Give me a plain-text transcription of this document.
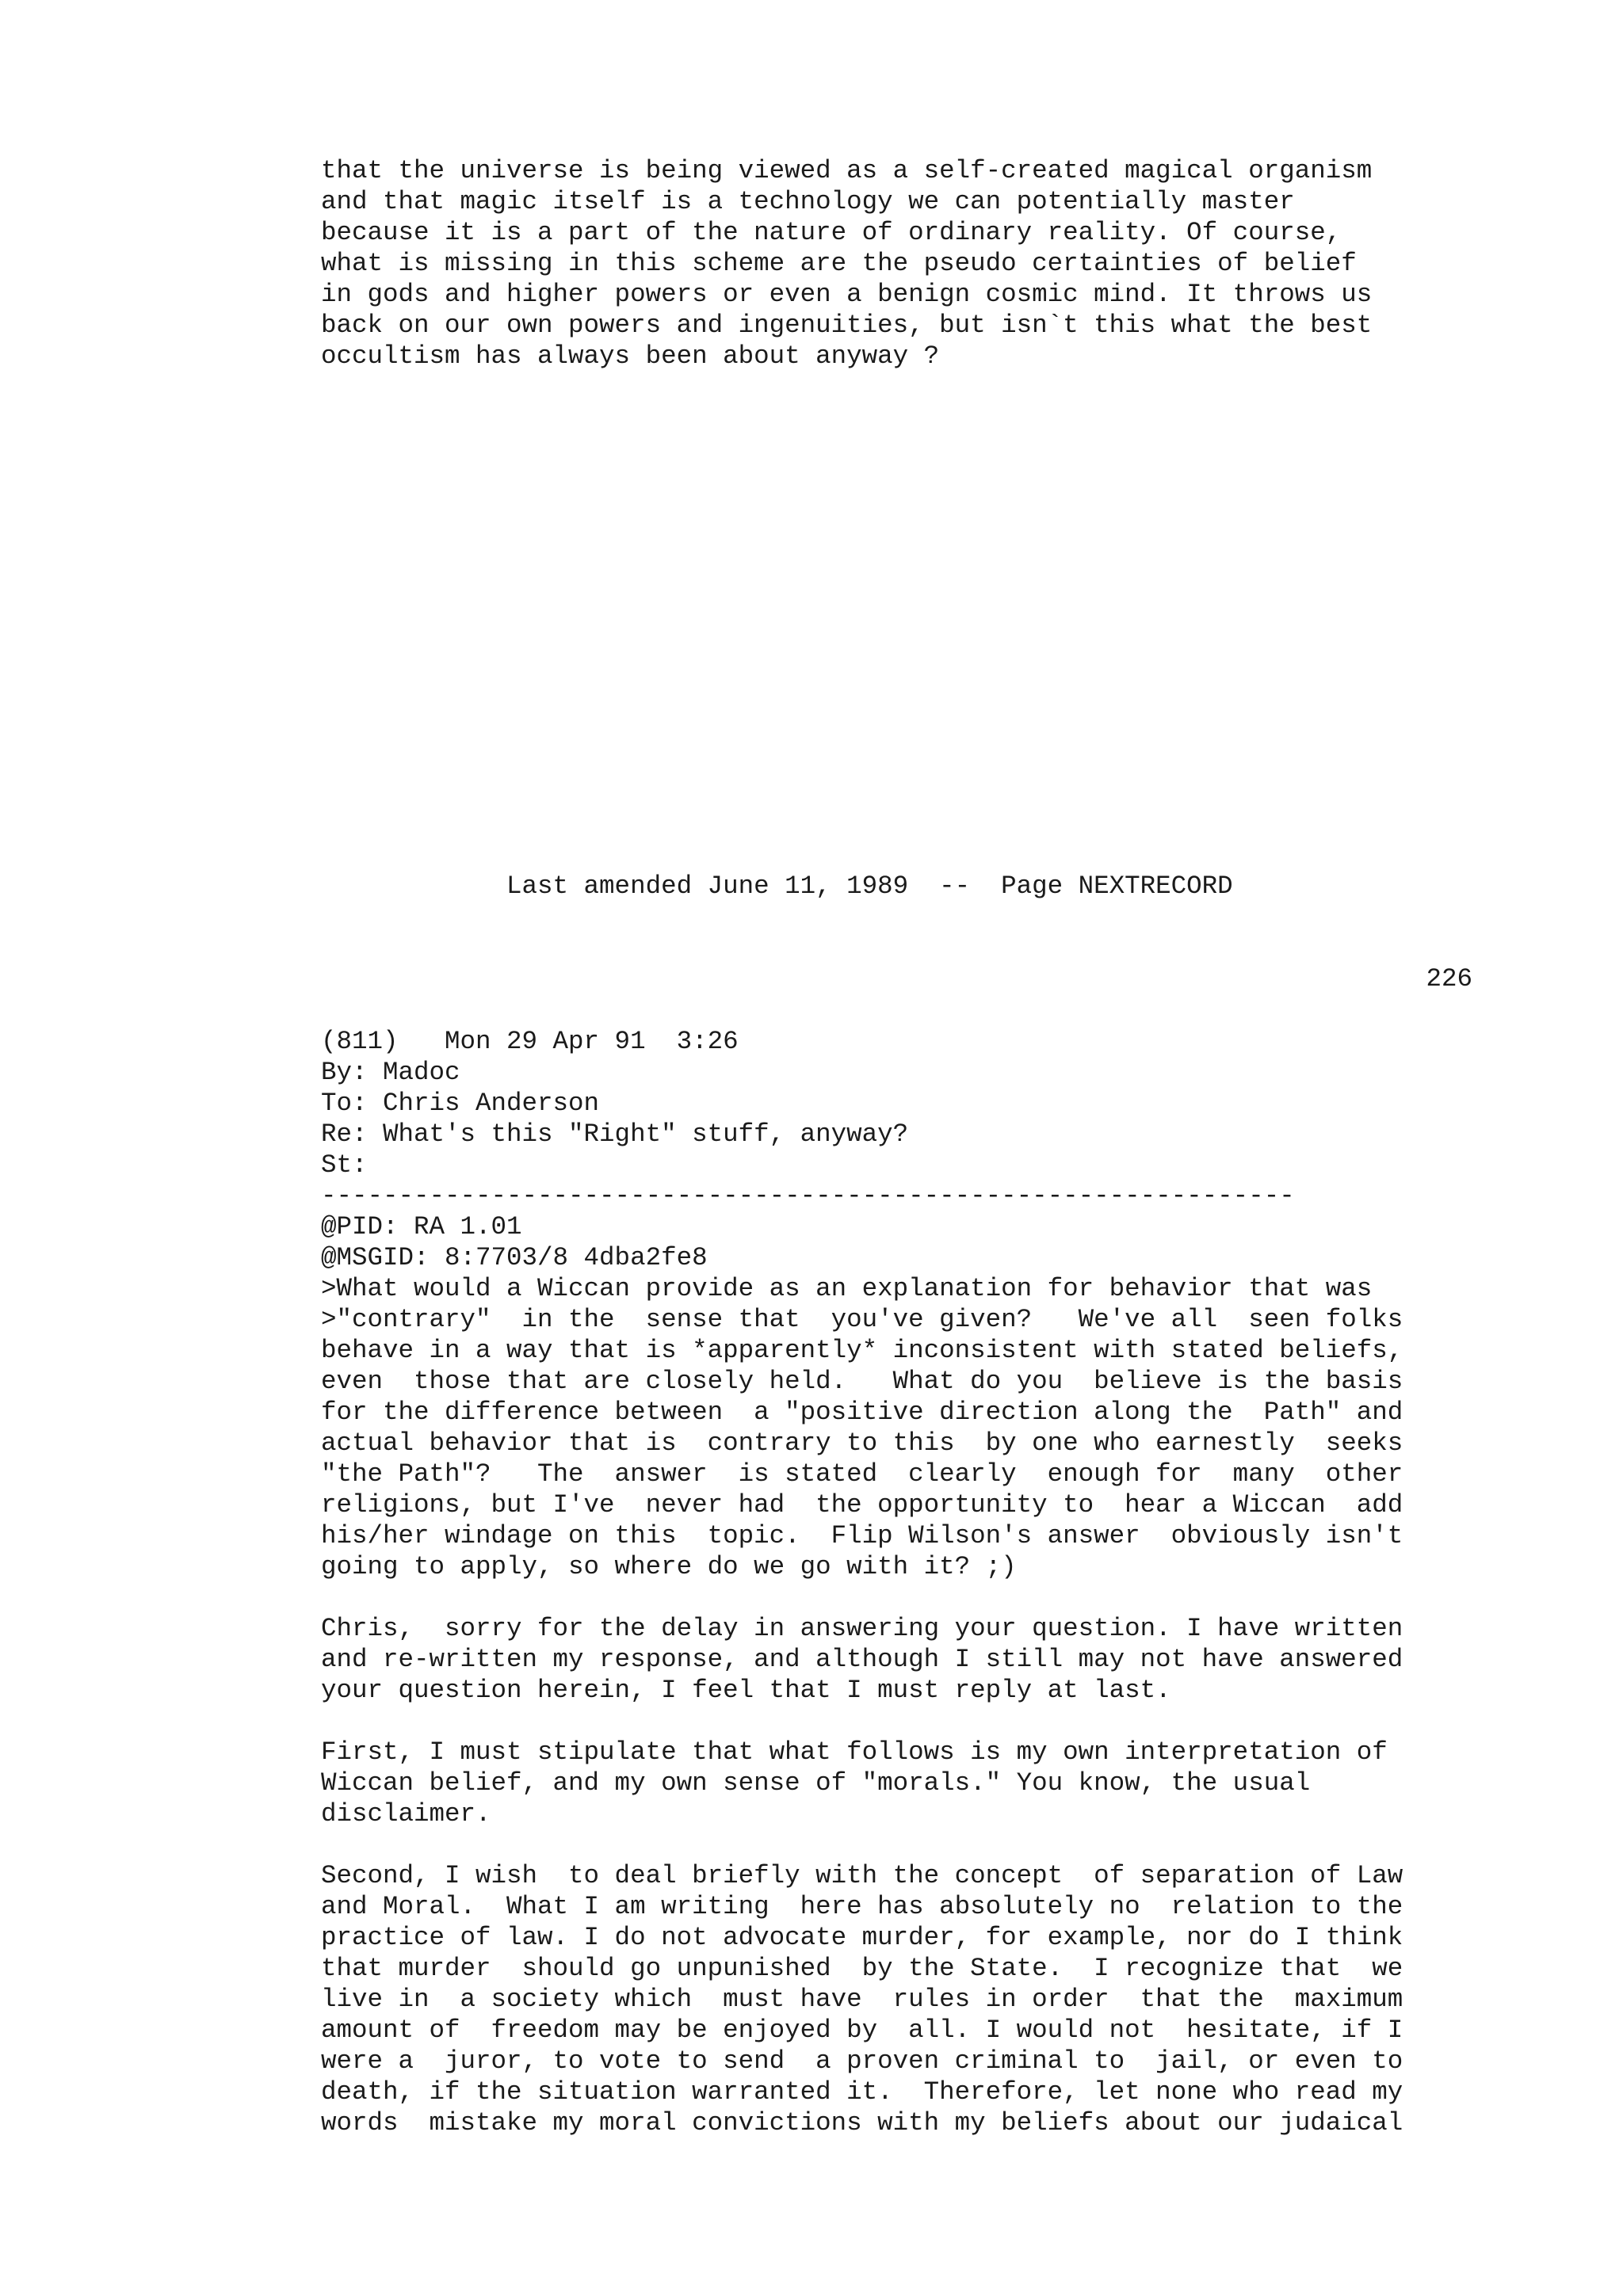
that the universe is being viewed as a self-created magical organism
and that magic itself is a technology we can potentially master
because it is a part of the nature of ordinary reality. Of course,
what is missing in this scheme are the pseudo certainties of belief
in gods and higher powers or even a benign cosmic mind. It throws us
back on our own powers and ingenuities, but isn`t this what the best
occultism has always been about anyway ?
Last amended June 11, 1989  --  Page NEXTRECORD
226
(811)   Mon 29 Apr 91  3:26
By: Madoc
To: Chris Anderson
Re: What's this "Right" stuff, anyway?
St:
---------------------------------------------------------------
@PID: RA 1.01
@MSGID: 8:7703/8 4dba2fe8
>What would a Wiccan provide as an explanation for behavior that was
>"contrary"  in the  sense that  you've given?   We've all  seen folks
behave in a way that is *apparently* inconsistent with stated beliefs,
even  those that are closely held.   What do you  believe is the basis
for the difference between  a "positive direction along the  Path" and
actual behavior that is  contrary to this  by one who earnestly  seeks
"the Path"?   The  answer  is stated  clearly  enough for  many  other
religions, but I've  never had  the opportunity to  hear a Wiccan  add
his/her windage on this  topic.  Flip Wilson's answer  obviously isn't
going to apply, so where do we go with it? ;)
Chris,  sorry for the delay in answering your question. I have written
and re-written my response, and although I still may not have answered
your question herein, I feel that I must reply at last.
First, I must stipulate that what follows is my own interpretation of
Wiccan belief, and my own sense of "morals." You know, the usual
disclaimer.
Second, I wish  to deal briefly with the concept  of separation of Law
and Moral.  What I am writing  here has absolutely no  relation to the
practice of law. I do not advocate murder, for example, nor do I think
that murder  should go unpunished  by the State.  I recognize that  we
live in  a society which  must have  rules in order  that the  maximum
amount of  freedom may be enjoyed by  all. I would not  hesitate, if I
were a  juror, to vote to send  a proven criminal to  jail, or even to
death, if the situation warranted it.  Therefore, let none who read my
words  mistake my moral convictions with my beliefs about our judaical
